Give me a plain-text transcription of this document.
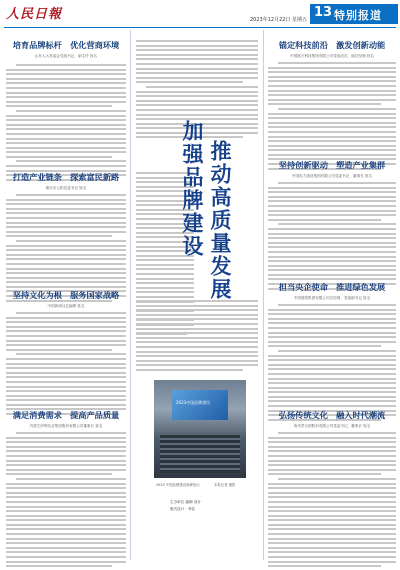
人民日報	2023年12月22日 星期五 13 特别报道
培育品牌标杆　优化营商环境
山东人大常委会党组书记、副主任 姓名
打造产业链条　探索富民新路
重庆市云阳县委书记 姓名
坚持文化为根　服务国家战略
中国新闻社总编辑 姓名
满足消费需求　提高产品质量
内蒙古伊利实业集团股份有限公司董事长 姓名
推动高质量发展
加强品牌建设
2023中国品牌建设
2023 中国品牌建设高峰论坛	本报记者 摄影
主办单位 编辑 设计
版式设计：李佳
锚定科技前沿　激发创新动能
中国航天科技集团有限公司党组成员、副总经理 姓名
坚持创新驱动　塑造产业集群
中国电力建设集团有限公司党委书记、董事长 姓名
担当央企使命　推进绿色发展
中国建筑集团有限公司总经理、党组副书记 姓名
弘扬传统文化　融入时代潮流
贵州茅台酒股份有限公司党委书记、董事长 姓名
